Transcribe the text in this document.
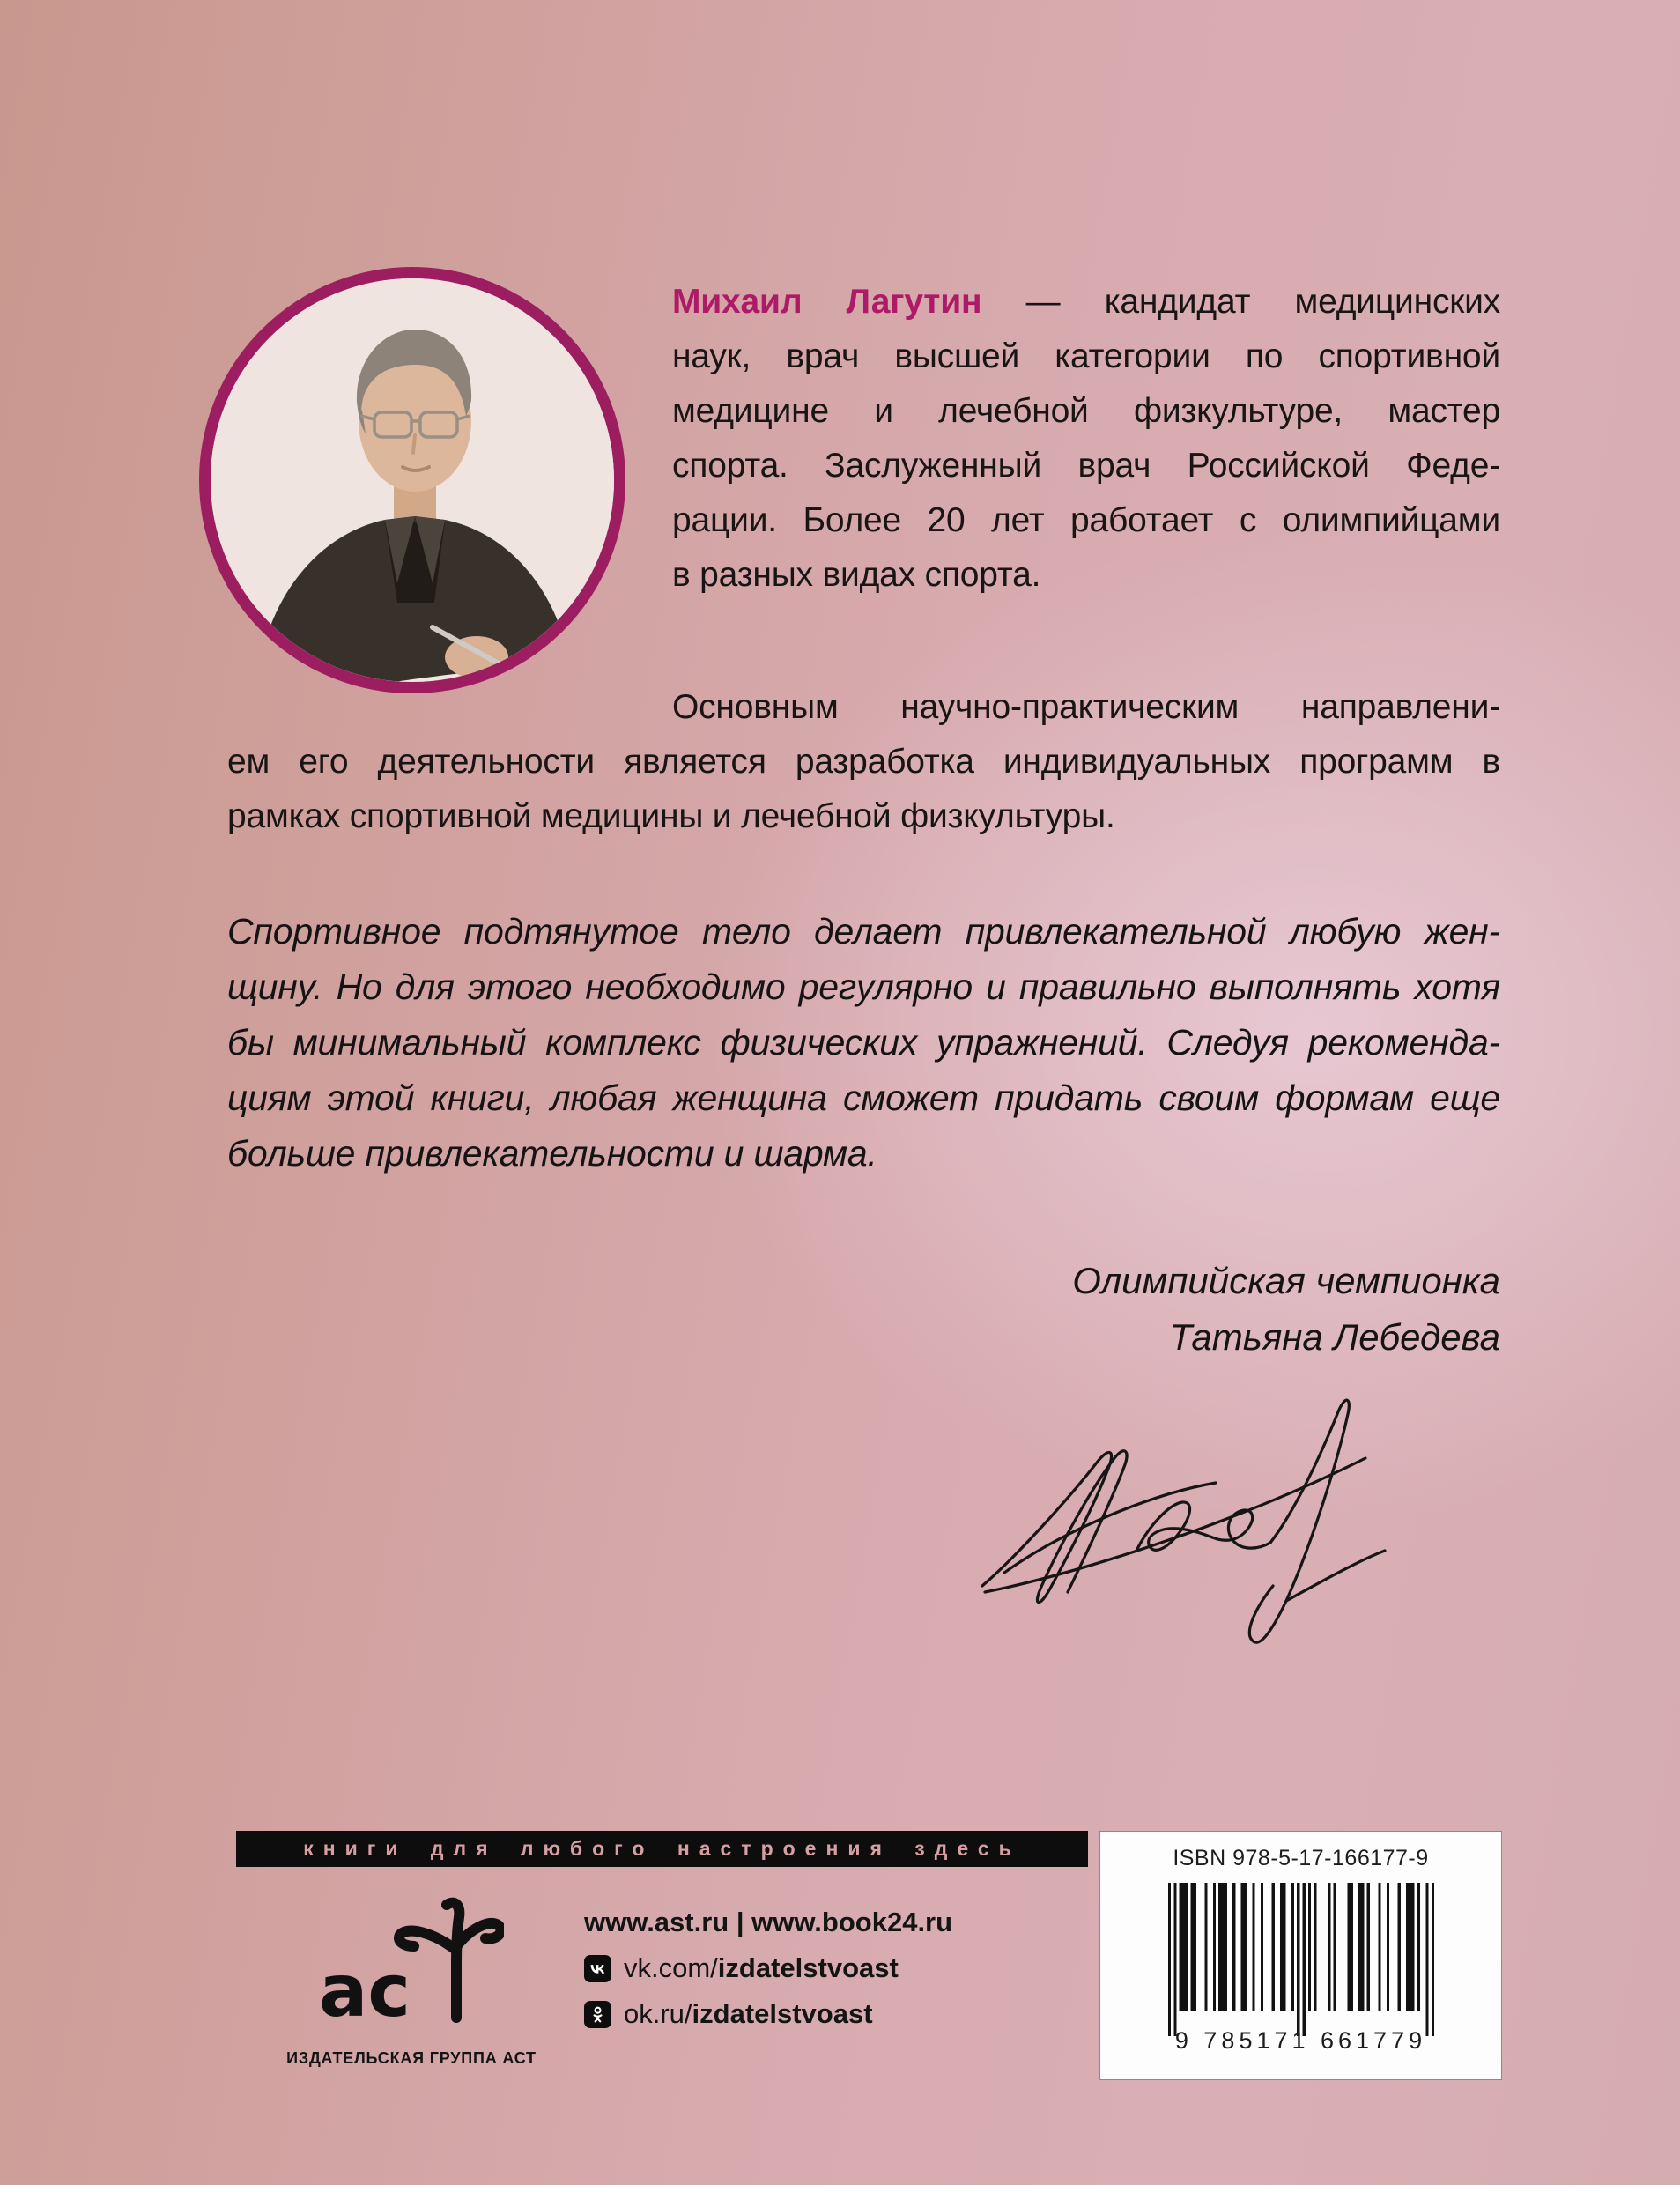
Михаил Лагутин — кандидат медицинских
наук, врач высшей категории по спортивной
медицине и лечебной физкультуре, мастер
спорта. Заслуженный врач Российской Феде-
рации. Более 20 лет работает с олимпийцами
в разных видах спорта.
Основным научно-практическим направлени-
ем его деятельности является разработка индивидуальных программ в
рамках спортивной медицины и лечебной физкультуры.
Спортивное подтянутое тело делает привлекательной любую жен-
щину. Но для этого необходимо регулярно и правильно выполнять хотя
бы минимальный комплекс физических упражнений. Следуя рекоменда-
циям этой книги, любая женщина сможет придать своим формам еще
больше привлекательности и шарма.
Олимпийская чемпионка
Татьяна Лебедева
книги для любого настроения здесь
ас
ИЗДАТЕЛЬСКАЯ ГРУППА АСТ
www.ast.ru | www.book24.ru
vk.com/izdatelstvoast
ok.ru/izdatelstvoast
ISBN 978-5-17-166177-9
9 785171 661779
